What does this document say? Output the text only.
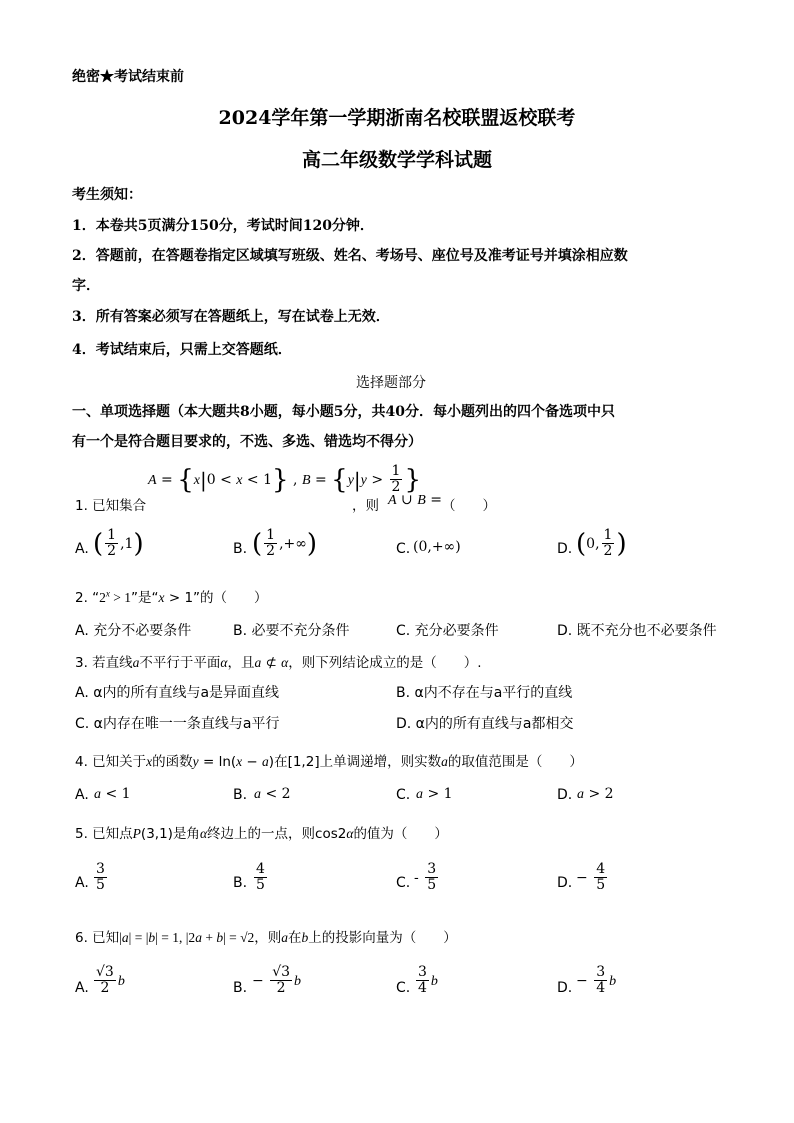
绝密★考试结束前
2024学年第一学期浙南名校联盟返校联考
高二年级数学学科试题
考生须知：
1．本卷共5页满分150分，考试时间120分钟．
2．答题前，在答题卷指定区域填写班级、姓名、考场号、座位号及准考证号并填涂相应数
字．
3．所有答案必须写在答题纸上，写在试卷上无效．
4．考试结束后，只需上交答题纸．
选择题部分
一、单项选择题（本大题共8小题，每小题5分，共40分．每小题列出的四个备选项中只
有一个是符合题目要求的，不选、多选、错选均不得分）
1. 已知集合
A = {x|0 < x < 1} , $B = \{y|y > \frac{1}{2}$ }
，则 A ∪ B = （　　）
A. ( $\frac{1}{2} ,1$)	B. ( $\frac{1}{2}$ ,+∞)	C. (0,+∞)	D. (0, $\frac{1}{2}$ )
2. “$2^x > 1$”是“x > 1”的（　　）
A. 充分不必要条件	B. 必要不充分条件	C. 充分必要条件	D. 既不充分也不必要条件
3. 若直线a不平行于平面α，且a ⊄ α，则下列结论成立的是（　　）.
A. α内的所有直线与a是异面直线	B. α内不存在与a平行的直线
C. α内存在唯一一条直线与a平行	D. α内的所有直线与a都相交
4. 已知关于x的函数y = ln(x − a)在[1,2]上单调递增，则实数a的取值范围是（　　）
A. a < 1	B. a < 2	C. a > 1	D. a > 2
5. 已知点P(3,1)是角α终边上的一点，则cos2α的值为（　　）
A. $\frac{3}{5}$	B. $\frac{4}{5}$	C. - $\frac{3}{5}$	D. − $\frac{4}{5}$
6. 已知|a| = |b| = 1, |2a + b| = √2，则a在b上的投影向量为（　　）
A. $\frac{√3}{2}$ b	B. − $\frac{√3}{2}$ b	C. $\frac{3}{4}$ b	D. − $\frac{3}{4}$ b
